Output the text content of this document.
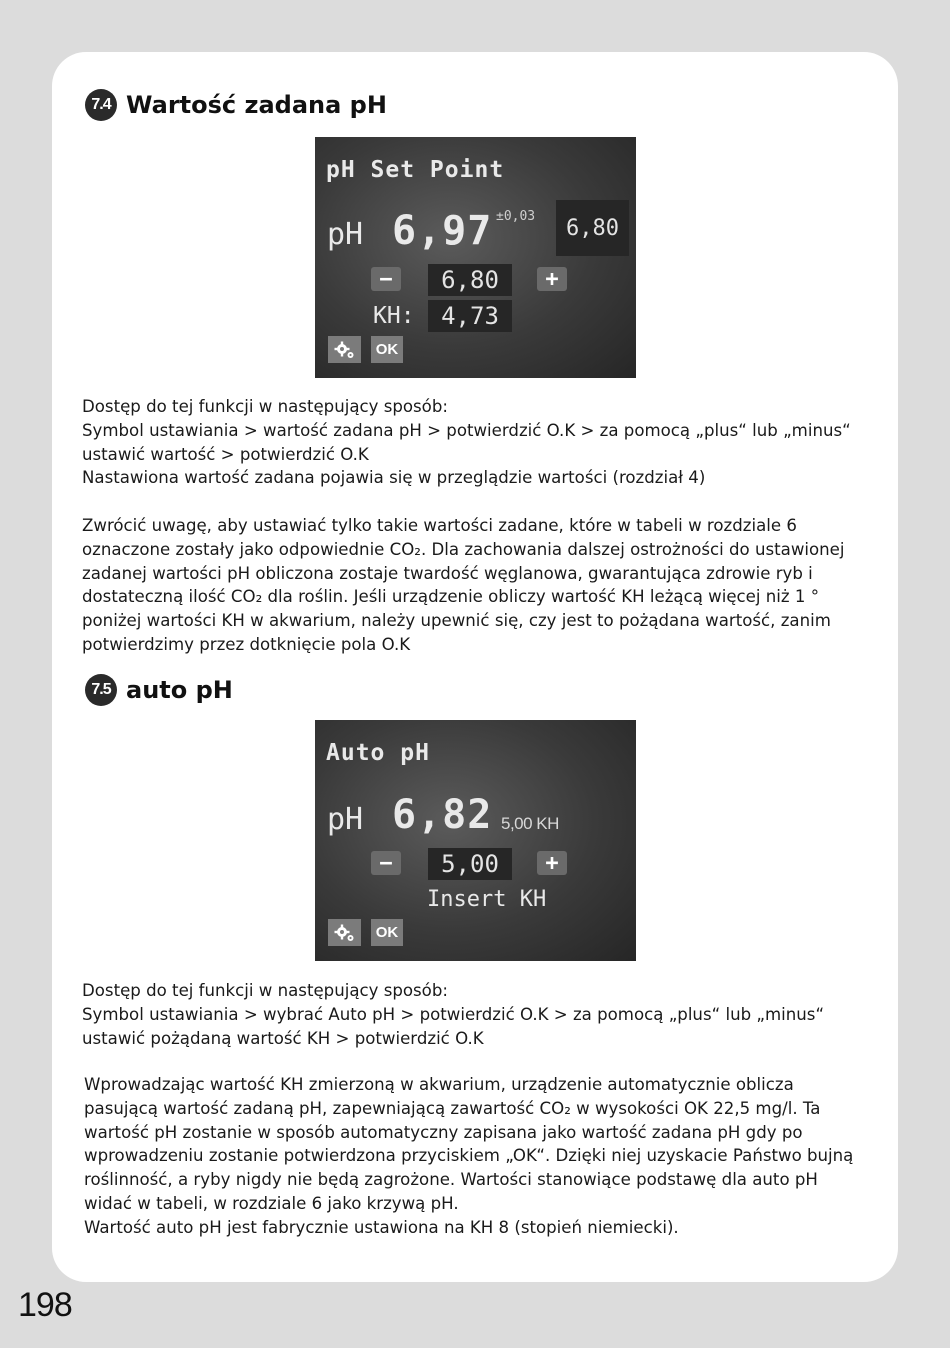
7.4 Wartość zadana pH
pH Set Point
pH 6,97 ±0,03	6,80
−	6,80	+
KH:	4,73
OK
Dostęp do tej funkcji w następujący sposób:
Symbol ustawiania > wartość zadana pH > potwierdzić O.K > za pomocą „plus“ lub „minus“
ustawić wartość > potwierdzić O.K
Nastawiona wartość zadana pojawia się w przeglądzie wartości (rozdział 4)
Zwrócić uwagę, aby ustawiać tylko takie wartości zadane, które w tabeli w rozdziale 6
oznaczone zostały jako odpowiednie CO₂. Dla zachowania dalszej ostrożności do ustawionej
zadanej wartości pH obliczona zostaje twardość węglanowa, gwarantująca zdrowie ryb i
dostateczną ilość CO₂ dla roślin. Jeśli urządzenie obliczy wartość KH leżącą więcej niż 1 °
poniżej wartości KH w akwarium, należy upewnić się, czy jest to pożądana wartość, zanim
potwierdzimy przez dotknięcie pola O.K
7.5 auto pH
Auto pH
pH 6,82 5,00 KH
−	5,00	+
Insert KH
OK
Dostęp do tej funkcji w następujący sposób:
Symbol ustawiania > wybrać Auto pH > potwierdzić O.K > za pomocą „plus“ lub „minus“
ustawić pożądaną wartość KH > potwierdzić O.K
Wprowadzając wartość KH zmierzoną w akwarium, urządzenie automatycznie oblicza
pasującą wartość zadaną pH, zapewniającą zawartość CO₂ w wysokości OK 22,5 mg/l. Ta
wartość pH zostanie w sposób automatyczny zapisana jako wartość zadana pH gdy po
wprowadzeniu zostanie potwierdzona przyciskiem „OK“. Dzięki niej uzyskacie Państwo bujną
roślinność, a ryby nigdy nie będą zagrożone. Wartości stanowiące podstawę dla auto pH
widać w tabeli, w rozdziale 6 jako krzywą pH.
Wartość auto pH jest fabrycznie ustawiona na KH 8 (stopień niemiecki).
198
